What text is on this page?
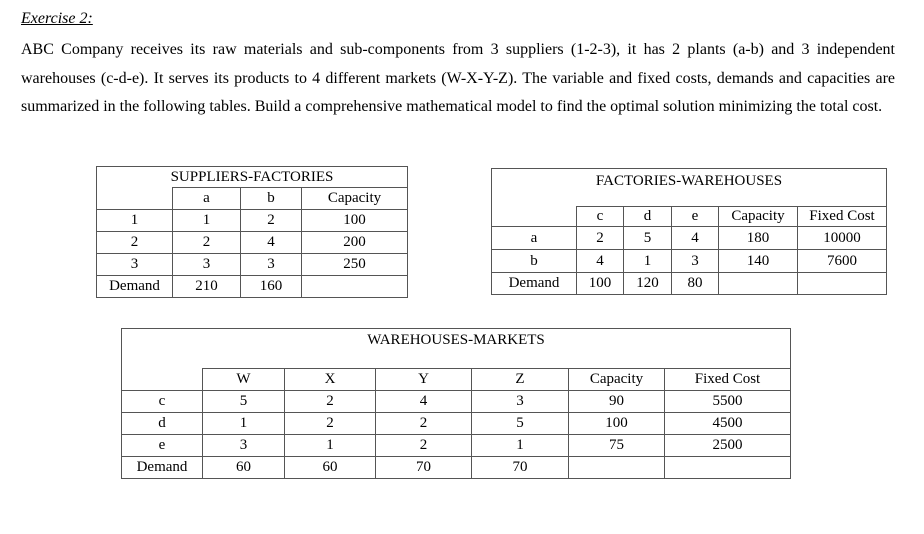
Exercise 2:

ABC Company receives its raw materials and sub-components from 3 suppliers (1-2-3), it has 2 plants (a-b) and 3 independent warehouses (c-d-e). It serves its products to 4 different markets (W-X-Y-Z). The variable and fixed costs, demands and capacities are summarized in the following tables. Build a comprehensive mathematical model to find the optimal solution minimizing the total cost.

SUPPLIERS-FACTORIES			
	a	b	Capacity
1	1	2	100
2	2	4	200
3	3	3	250
Demand	210	160	
FACTORIES-WAREHOUSES					
	c	d	e	Capacity	Fixed Cost
a	2	5	4	180	10000
b	4	1	3	140	7600
Demand	100	120	80		
WAREHOUSES-MARKETS						
	W	X	Y	Z	Capacity	Fixed Cost
c	5	2	4	3	90	5500
d	1	2	2	5	100	4500
e	3	1	2	1	75	2500
Demand	60	60	70	70		
